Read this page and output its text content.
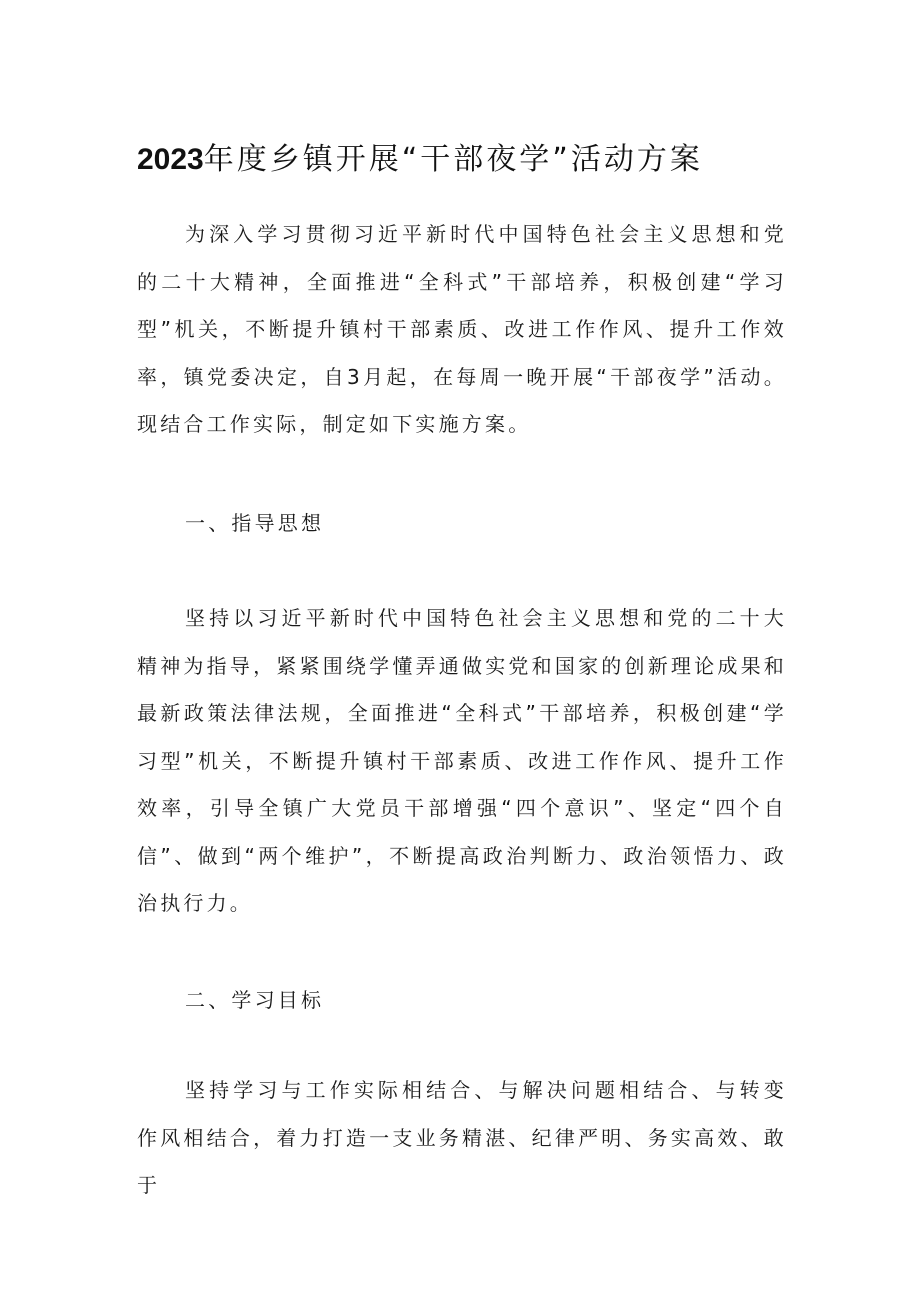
2023年度乡镇开展“干部夜学”活动方案

为深入学习贯彻习近平新时代中国特色社会主义思想和党的二十大精神，全面推进“全科式”干部培养，积极创建“学习型”机关，不断提升镇村干部素质、改进工作作风、提升工作效率，镇党委决定，自3月起，在每周一晚开展“干部夜学”活动。现结合工作实际，制定如下实施方案。

一、指导思想

坚持以习近平新时代中国特色社会主义思想和党的二十大精神为指导，紧紧围绕学懂弄通做实党和国家的创新理论成果和最新政策法律法规，全面推进“全科式”干部培养，积极创建“学习型”机关，不断提升镇村干部素质、改进工作作风、提升工作效率，引导全镇广大党员干部增强“四个意识”、坚定“四个自信”、做到“两个维护”，不断提高政治判断力、政治领悟力、政治执行力。

二、学习目标

坚持学习与工作实际相结合、与解决问题相结合、与转变作风相结合，着力打造一支业务精湛、纪律严明、务实高效、敢于
